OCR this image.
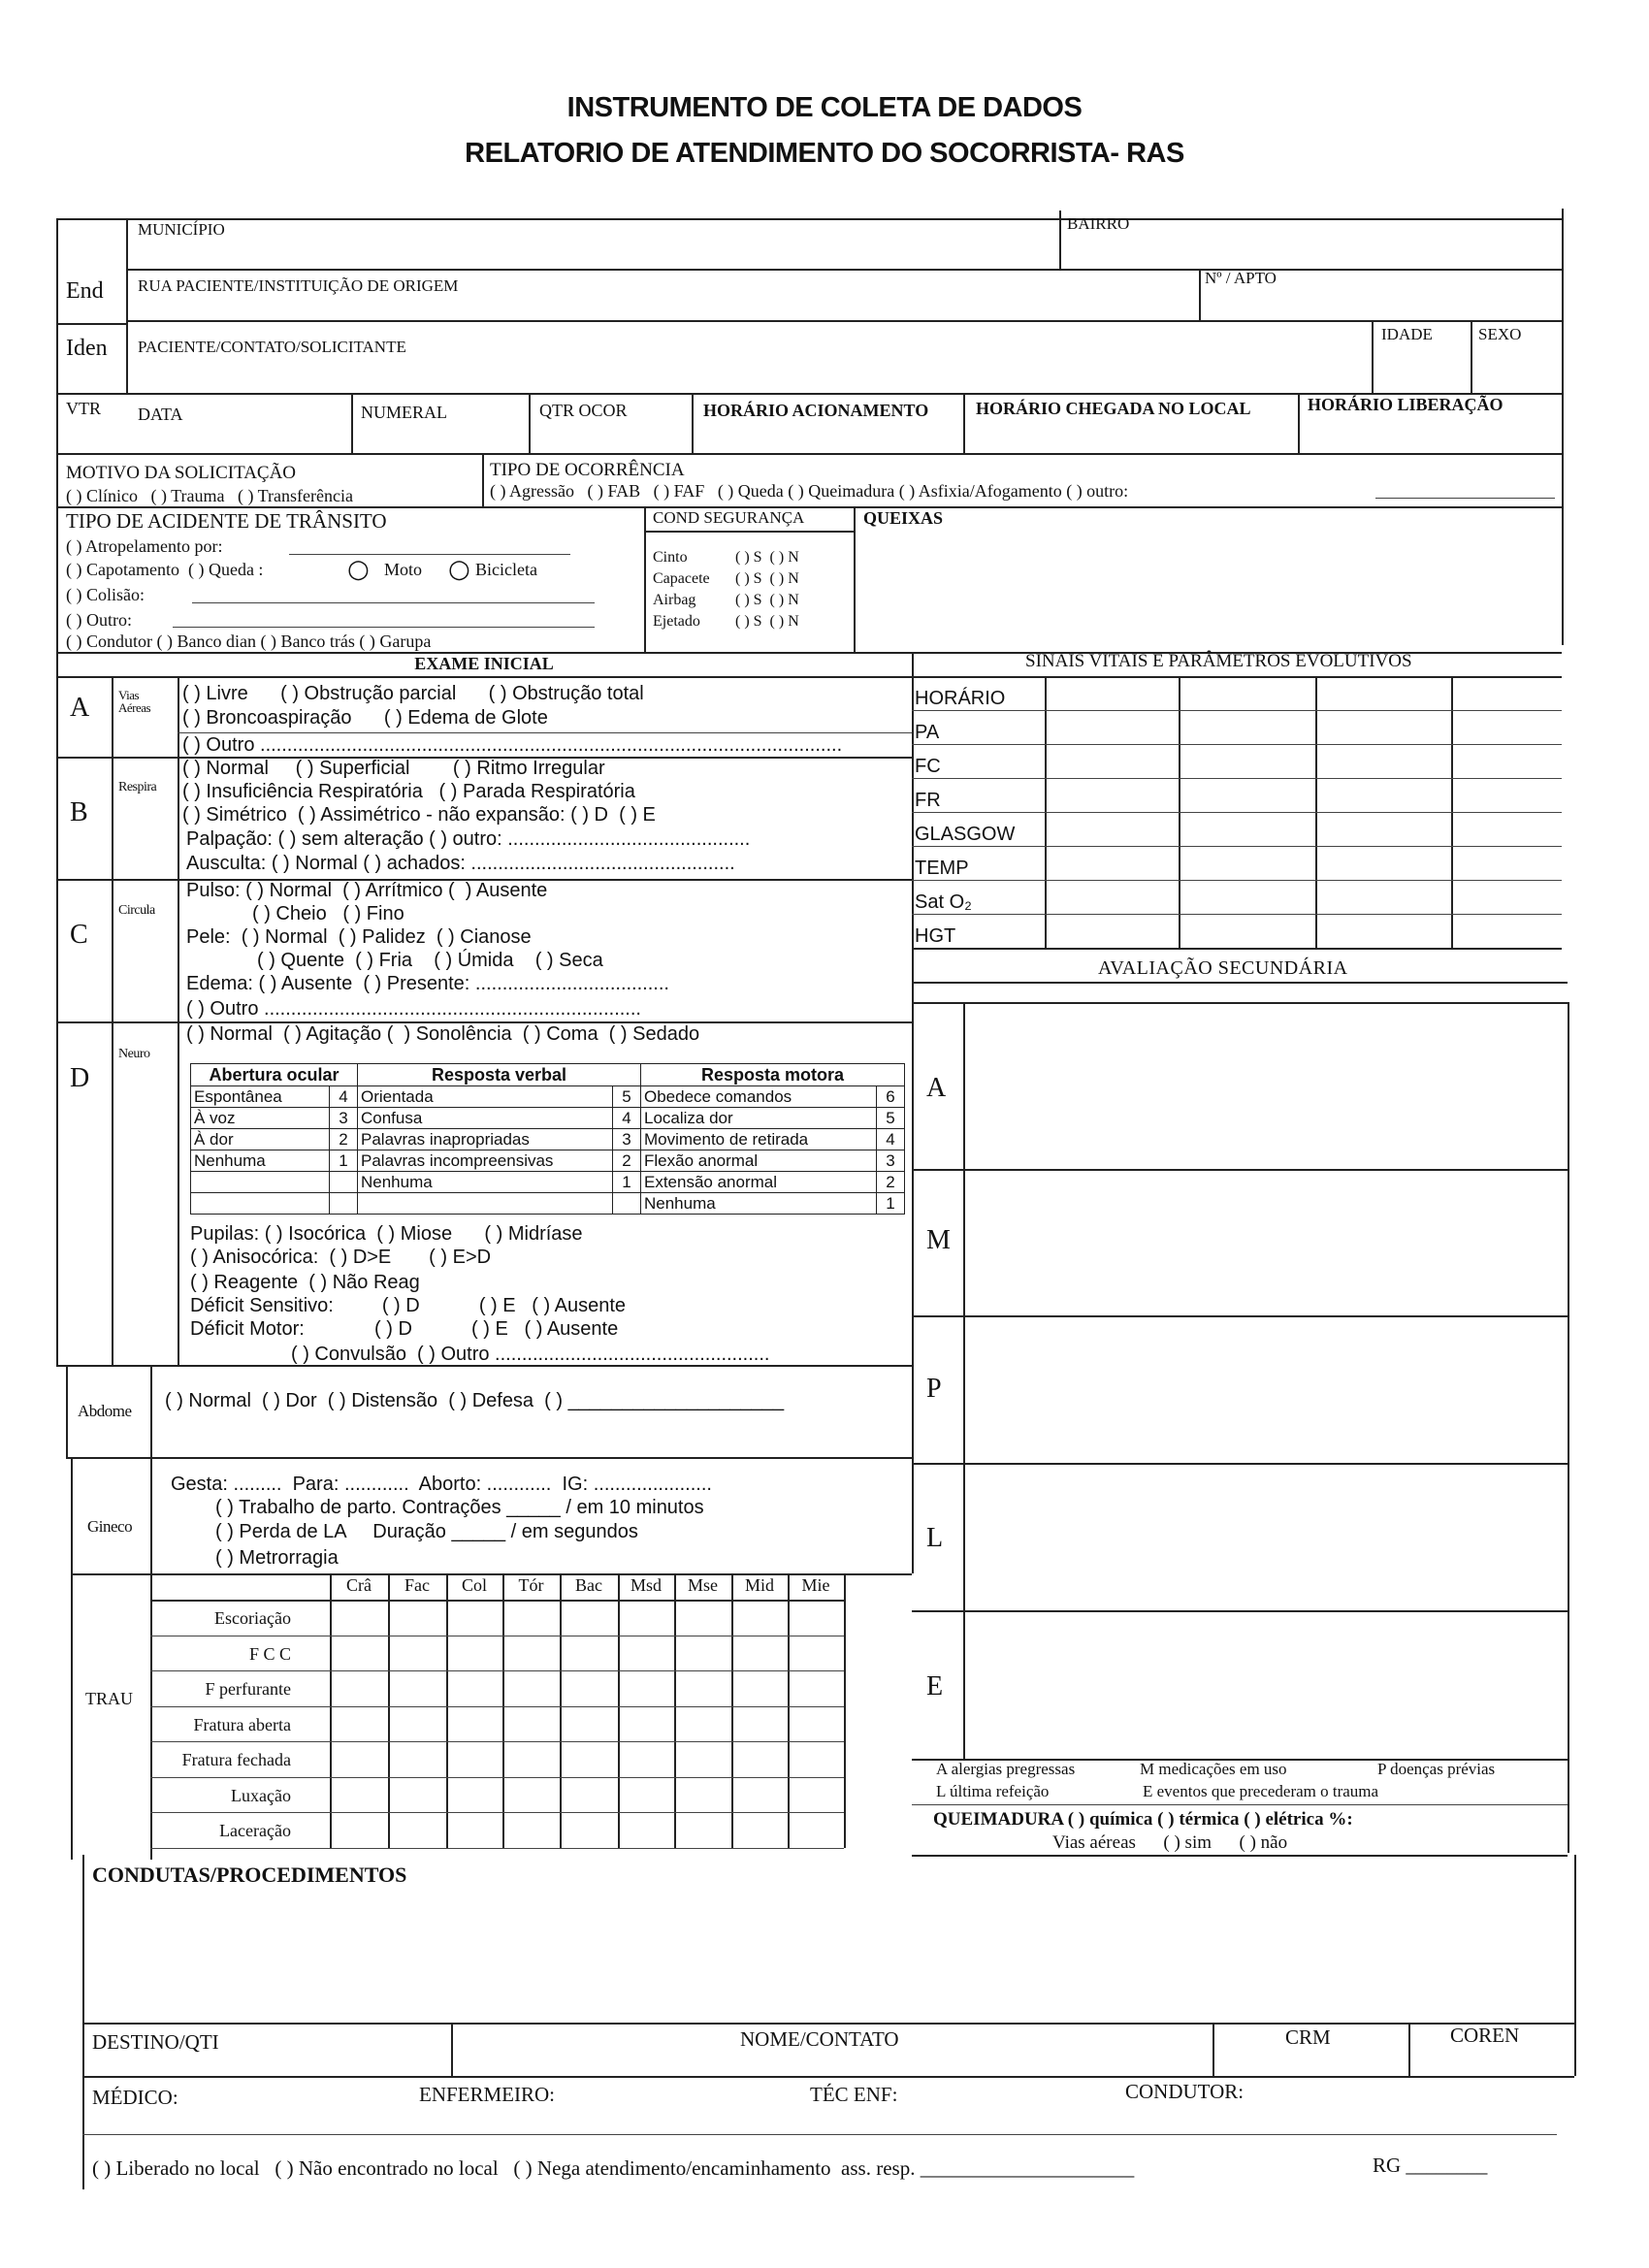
INSTRUMENTO DE COLETA DE DADOS
RELATORIO DE ATENDIMENTO DO SOCORRISTA- RAS
End
MUNICÍPIO	BAIRRO
RUA PACIENTE/INSTITUIÇÃO DE ORIGEM	Nº / APTO
Iden PACIENTE/CONTATO/SOLICITANTE
IDADE	SEXO
VTR DATA	NUMERAL	QTR OCOR	HORÁRIO ACIONAMENTO	HORÁRIO CHEGADA NO LOCAL	HORÁRIO LIBERAÇÃO
MOTIVO DA SOLICITAÇÃO
( ) Clínico   ( ) Trauma   ( ) Transferência
TIPO DE OCORRÊNCIA
( ) Agressão   ( ) FAB   ( ) FAF   ( ) Queda ( ) Queimadura ( ) Asfixia/Afogamento ( ) outro:
TIPO DE ACIDENTE DE TRÂNSITO
( ) Atropelamento por:
( ) Capotamento  ( ) Queda :	○ Moto ○ Bicicleta
( ) Colisão:
( ) Outro:
( ) Condutor ( ) Banco dian ( ) Banco trás ( ) Garupa
COND SEGURANÇA
Cinto	( ) S  ( ) N
Capacete ( ) S  ( ) N
Airbag	( ) S  ( ) N
Ejetado ( ) S  ( ) N
QUEIXAS
EXAME INICIAL
A Vias Aéreas
( ) Livre      ( ) Obstrução parcial      ( ) Obstrução total
( ) Broncoaspiração      ( ) Edema de Glote
( ) Outro ............................................................................................................
B
Respira
( ) Normal     ( ) Superficial        ( ) Ritmo Irregular
( ) Insuficiência Respiratória   ( ) Parada Respiratória
( ) Simétrico  ( ) Assimétrico - não expansão: ( ) D  ( ) E
Palpação: ( ) sem alteração ( ) outro: .............................................
Ausculta: ( ) Normal ( ) achados: .................................................
C
Circula
Pulso: ( ) Normal  ( ) Arrítmico (  ) Ausente
( ) Cheio   ( ) Fino
Pele:  ( ) Normal  ( ) Palidez  ( ) Cianose
( ) Quente  ( ) Fria    ( ) Úmida    ( ) Seca
Edema: ( ) Ausente  ( ) Presente: ....................................
( ) Outro ......................................................................
D
Neuro
( ) Normal  ( ) Agitação (  ) Sonolência  ( ) Coma  ( ) Sedado
Abertura ocular		Resposta verbal		Resposta motora	
Espontânea	4	Orientada	5	Obedece comandos	6
À voz	3	Confusa	4	Localiza dor	5
À dor	2	Palavras inapropriadas	3	Movimento de retirada	4
Nenhuma	1	Palavras incompreensivas	2	Flexão anormal	3
		Nenhuma	1	Extensão anormal	2
				Nenhuma	1
Pupilas: ( ) Isocórica  ( ) Miose      ( ) Midríase
( ) Anisocórica:  ( ) D>E       ( ) E>D
( ) Reagente  ( ) Não Reag
Déficit Sensitivo:         ( ) D           ( ) E   ( ) Ausente
Déficit Motor:             ( ) D           ( ) E   ( ) Ausente
( ) Convulsão  ( ) Outro ...................................................
Abdome ( ) Normal  ( ) Dor  ( ) Distensão  ( ) Defesa  ( ) ____________________
Gineco
Gesta: .........  Para: ............  Aborto: ............  IG: ......................
( ) Trabalho de parto. Contrações _____ / em 10 minutos
( ) Perda de LA     Duração _____ / em segundos
( ) Metrorragia
TRAU
Crâ	Fac	Col	Tór	Bac	Msd	Mse	Mid	Mie
Escoriação
F C C
F perfurante
Fratura aberta
Fratura fechada
Luxação
Laceração
SINAIS VITAIS E PARÂMETROS EVOLUTIVOS
HORÁRIO
PA
FC
FR
GLASGOW
TEMP
Sat O₂
HGT
AVALIAÇÃO SECUNDÁRIA
A
M
P
L
E
A alergias pregressas	M medicações em uso	P doenças prévias
L última refeição	E eventos que precederam o trauma
QUEIMADURA ( ) química ( ) térmica ( ) elétrica %:
Vias aéreas      ( ) sim      ( ) não
CONDUTAS/PROCEDIMENTOS
DESTINO/QTI	NOME/CONTATO	CRM	COREN
MÉDICO:	ENFERMEIRO:	TÉC ENF:	CONDUTOR:
( ) Liberado no local   ( ) Não encontrado no local   ( ) Nega atendimento/encaminhamento  ass. resp. _____________________	RG ________
